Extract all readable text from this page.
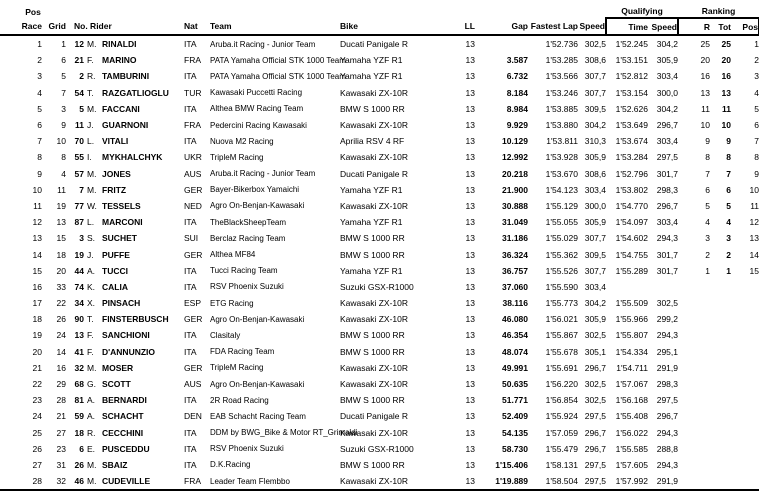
Pos												Qualifying		Ranking		
Race	Grid	No. Rider			Nat	Team	Bike	LL	Gap	Fastest Lap	Speed	Time	Speed	R	Tot	Pos
1	1	12	M.	RINALDI	ITA	Aruba.it Racing - Junior Team	Ducati Panigale R	13		1'52.736	302,5	1'52.245	304,2	25	25	1
2	6	21	F.	MARINO	FRA	PATA Yamaha Official STK 1000 Team	Yamaha YZF R1	13	3.587	1'53.285	308,6	1'53.151	305,9	20	20	2
3	5	2	R.	TAMBURINI	ITA	PATA Yamaha Official STK 1000 Team	Yamaha YZF R1	13	6.732	1'53.566	307,7	1'52.812	303,4	16	16	3
4	7	54	T.	RAZGATLIOGLU	TUR	Kawasaki Puccetti Racing	Kawasaki ZX-10R	13	8.184	1'53.246	307,7	1'53.154	300,0	13	13	4
5	3	5	M.	FACCANI	ITA	Althea BMW Racing Team	BMW S 1000 RR	13	8.984	1'53.885	309,5	1'52.626	304,2	11	11	5
6	9	11	J.	GUARNONI	FRA	Pedercini Racing Kawasaki	Kawasaki ZX-10R	13	9.929	1'53.880	304,2	1'53.649	296,7	10	10	6
7	10	70	L.	VITALI	ITA	Nuova M2 Racing	Aprilia RSV 4 RF	13	10.129	1'53.811	310,3	1'53.674	303,4	9	9	7
8	8	55	I.	MYKHALCHYK	UKR	TripleM Racing	Kawasaki ZX-10R	13	12.992	1'53.928	305,9	1'53.284	297,5	8	8	8
9	4	57	M.	JONES	AUS	Aruba.it Racing - Junior Team	Ducati Panigale R	13	20.218	1'53.670	308,6	1'52.796	301,7	7	7	9
10	11	7	M.	FRITZ	GER	Bayer-Bikerbox Yamaichi	Yamaha YZF R1	13	21.900	1'54.123	303,4	1'53.802	298,3	6	6	10
11	19	77	W.	TESSELS	NED	Agro On-Benjan-Kawasaki	Kawasaki ZX-10R	13	30.888	1'55.129	300,0	1'54.770	296,7	5	5	11
12	13	87	L.	MARCONI	ITA	TheBlackSheepTeam	Yamaha YZF R1	13	31.049	1'55.055	305,9	1'54.097	303,4	4	4	12
13	15	3	S.	SUCHET	SUI	Berclaz Racing Team	BMW S 1000 RR	13	31.186	1'55.029	307,7	1'54.602	294,3	3	3	13
14	18	19	J.	PUFFE	GER	Althea MF84	BMW S 1000 RR	13	36.324	1'55.362	309,5	1'54.755	301,7	2	2	14
15	20	44	A.	TUCCI	ITA	Tucci Racing Team	Yamaha YZF R1	13	36.757	1'55.526	307,7	1'55.289	301,7	1	1	15
16	33	74	K.	CALIA	ITA	RSV Phoenix Suzuki	Suzuki GSX-R1000	13	37.060	1'55.590	303,4					
17	22	34	X.	PINSACH	ESP	ETG Racing	Kawasaki ZX-10R	13	38.116	1'55.773	304,2	1'55.509	302,5			
18	26	90	T.	FINSTERBUSCH	GER	Agro On-Benjan-Kawasaki	Kawasaki ZX-10R	13	46.080	1'56.021	305,9	1'55.966	299,2			
19	24	13	F.	SANCHIONI	ITA	Clasitaly	BMW S 1000 RR	13	46.354	1'55.867	302,5	1'55.807	294,3			
20	14	41	F.	D'ANNUNZIO	ITA	FDA Racing Team	BMW S 1000 RR	13	48.074	1'55.678	305,1	1'54.334	295,1			
21	16	32	M.	MOSER	GER	TripleM Racing	Kawasaki ZX-10R	13	49.991	1'55.691	296,7	1'54.711	291,9			
22	29	68	G.	SCOTT	AUS	Agro On-Benjan-Kawasaki	Kawasaki ZX-10R	13	50.635	1'56.220	302,5	1'57.067	298,3			
23	28	81	A.	BERNARDI	ITA	2R Road Racing	BMW S 1000 RR	13	51.771	1'56.854	302,5	1'56.168	297,5			
24	21	59	A.	SCHACHT	DEN	EAB Schacht Racing Team	Ducati Panigale R	13	52.409	1'55.924	297,5	1'55.408	296,7			
25	27	18	R.	CECCHINI	ITA	DDM by BWG_Bike & Motor RT_Grimaldi	Kawasaki ZX-10R	13	54.135	1'57.059	296,7	1'56.022	294,3			
26	23	6	E.	PUSCEDDU	ITA	RSV Phoenix Suzuki	Suzuki GSX-R1000	13	58.730	1'55.479	296,7	1'55.585	288,8			
27	31	26	M.	SBAIZ	ITA	D.K.Racing	BMW S 1000 RR	13	1'15.406	1'58.131	297,5	1'57.605	294,3			
28	32	46	M.	CUDEVILLE	FRA	Leader Team Flembbo	Kawasaki ZX-10R	13	1'19.889	1'58.504	297,5	1'57.992	291,9			
